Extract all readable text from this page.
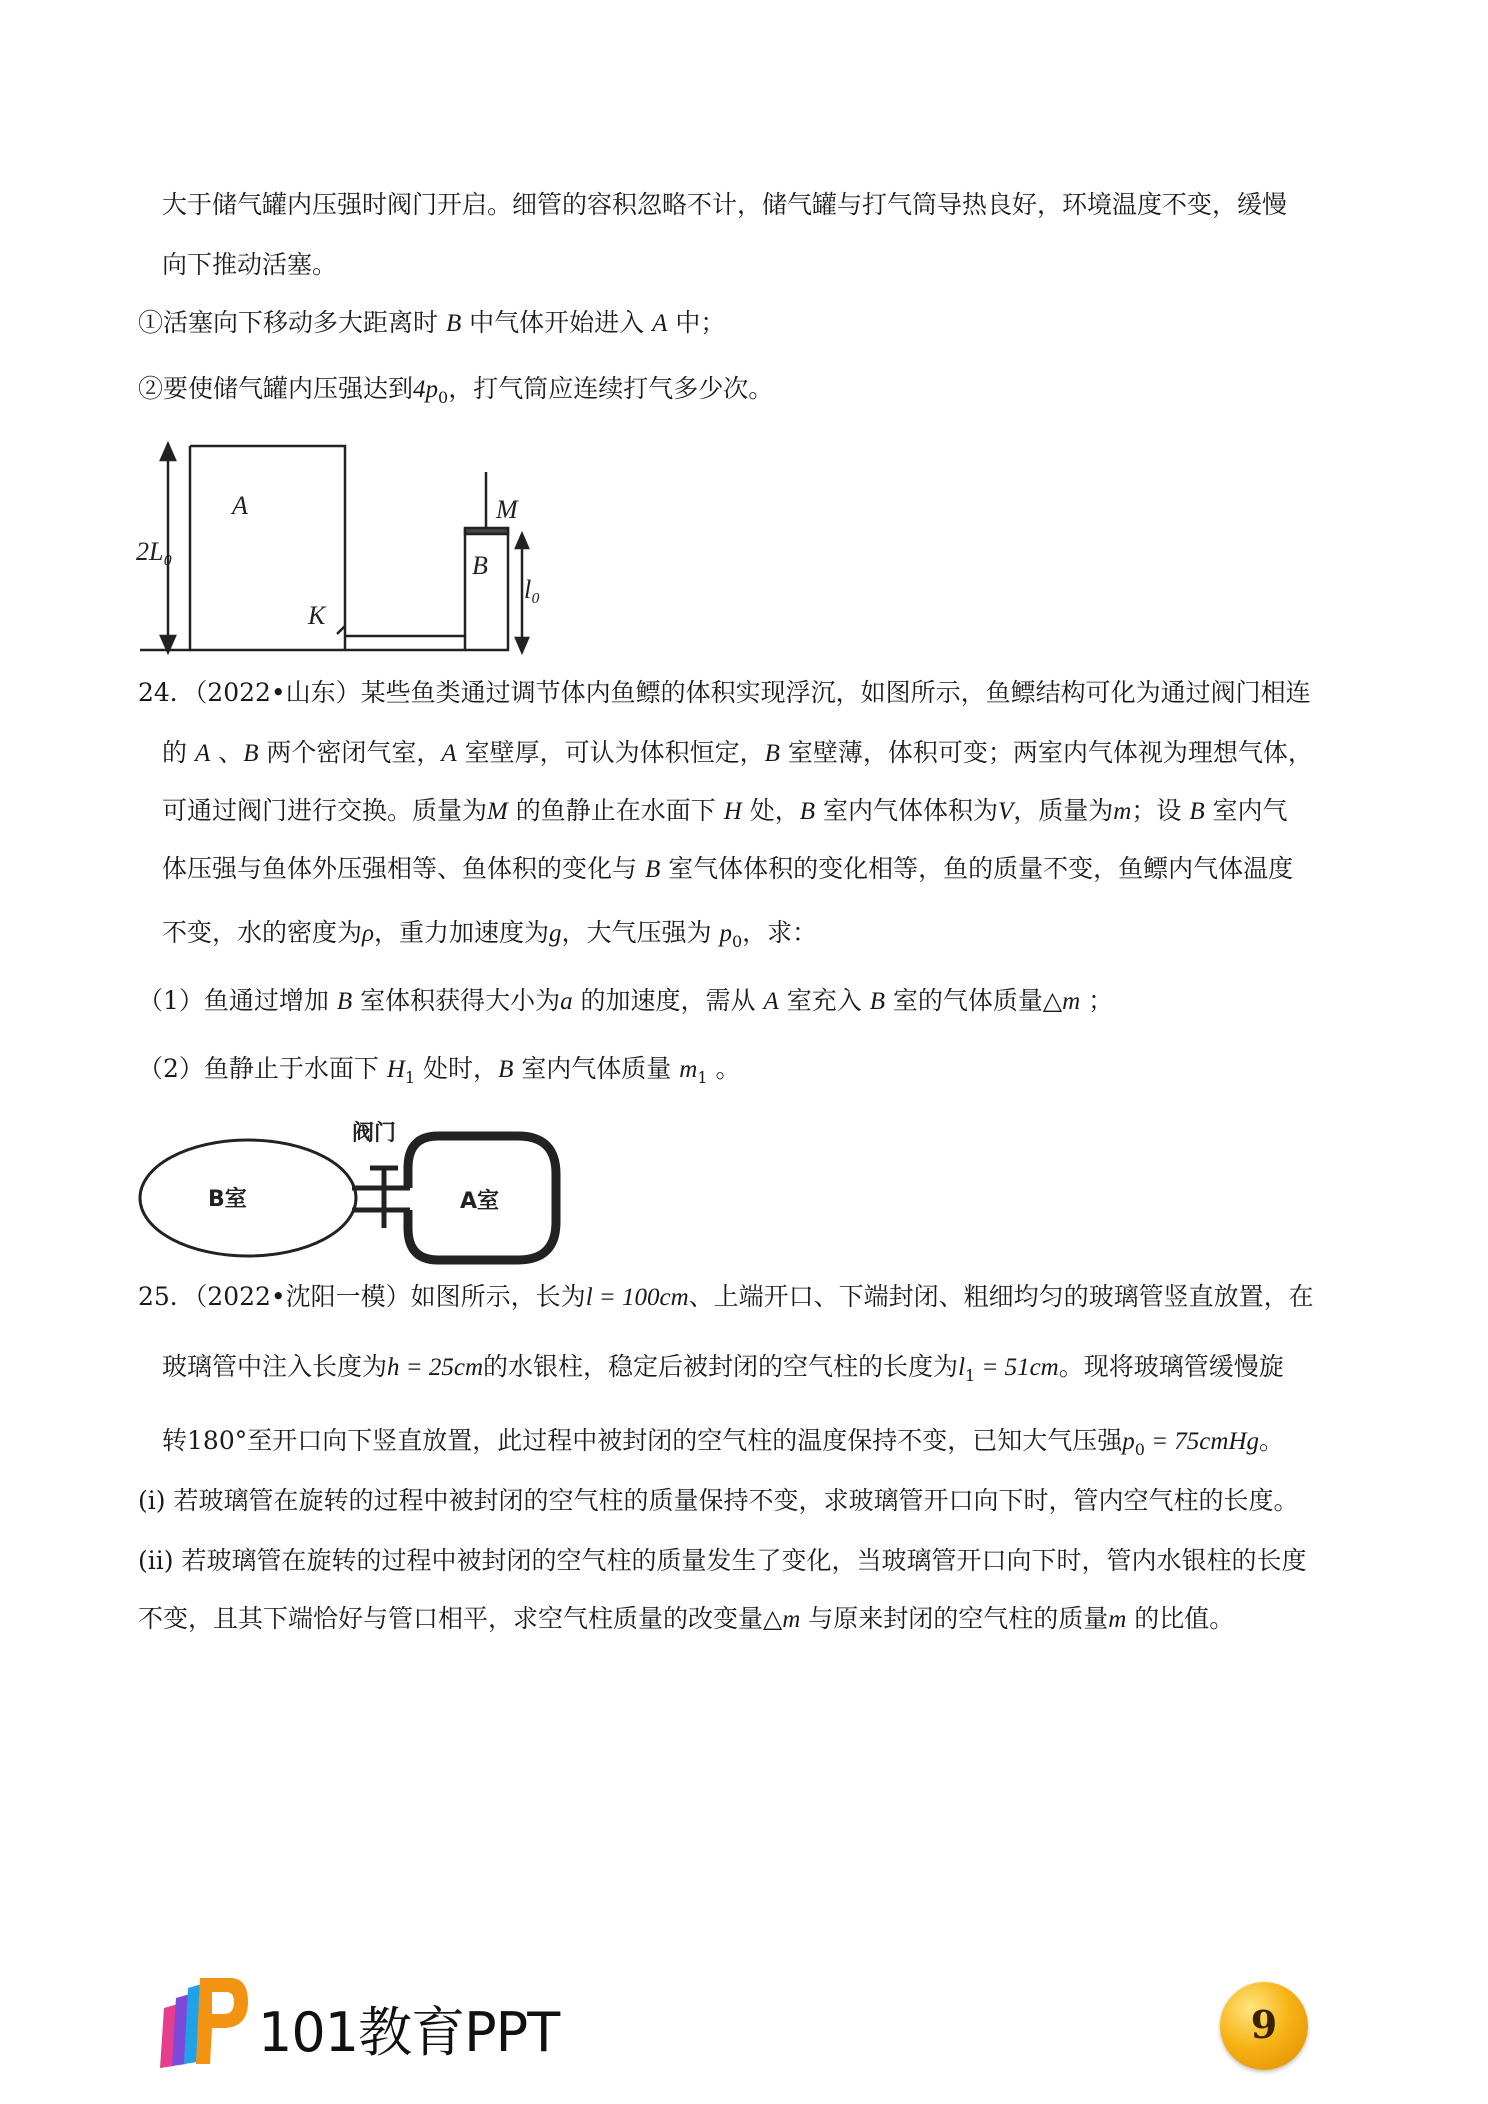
大于储气罐内压强时阀门开启。细管的容积忽略不计，储气罐与打气筒导热良好，环境温度不变，缓慢
向下推动活塞。
①活塞向下移动多大距离时 B 中气体开始进入 A 中；
②要使储气罐内压强达到$4p_0$，打气筒应连续打气多少次。
A	M
B
K
2L₀
l₀
24．（2022•山东）某些鱼类通过调节体内鱼鳔的体积实现浮沉，如图所示，鱼鳔结构可化为通过阀门相连
的 A 、B 两个密闭气室，A 室壁厚，可认为体积恒定，B 室壁薄，体积可变；两室内气体视为理想气体，
可通过阀门进行交换。质量为M 的鱼静止在水面下 H 处，B 室内气体体积为V，质量为m；设 B 室内气
体压强与鱼体外压强相等、鱼体积的变化与 B 室气体体积的变化相等，鱼的质量不变，鱼鳔内气体温度
不变，水的密度为ρ，重力加速度为g，大气压强为 $p_0$，求：
（1）鱼通过增加 B 室体积获得大小为a 的加速度，需从 A 室充入 B 室的气体质量△m ；
（2）鱼静止于水面下 $H_1$ 处时，B 室内气体质量 $m_1$ 。
阀门
B室	A室
25．（2022•沈阳一模）如图所示，长为l = 100cm、上端开口、下端封闭、粗细均匀的玻璃管竖直放置，在
玻璃管中注入长度为h = 25cm的水银柱，稳定后被封闭的空气柱的长度为$l_1 = 51cm$。现将玻璃管缓慢旋
转180°至开口向下竖直放置，此过程中被封闭的空气柱的温度保持不变，已知大气压强$p_0$ = 75cmHg。
(i) 若玻璃管在旋转的过程中被封闭的空气柱的质量保持不变，求玻璃管开口向下时，管内空气柱的长度。
(ii) 若玻璃管在旋转的过程中被封闭的空气柱的质量发生了变化，当玻璃管开口向下时，管内水银柱的长度
不变，且其下端恰好与管口相平，求空气柱质量的改变量△m 与原来封闭的空气柱的质量m 的比值。
101教育PPT	9
